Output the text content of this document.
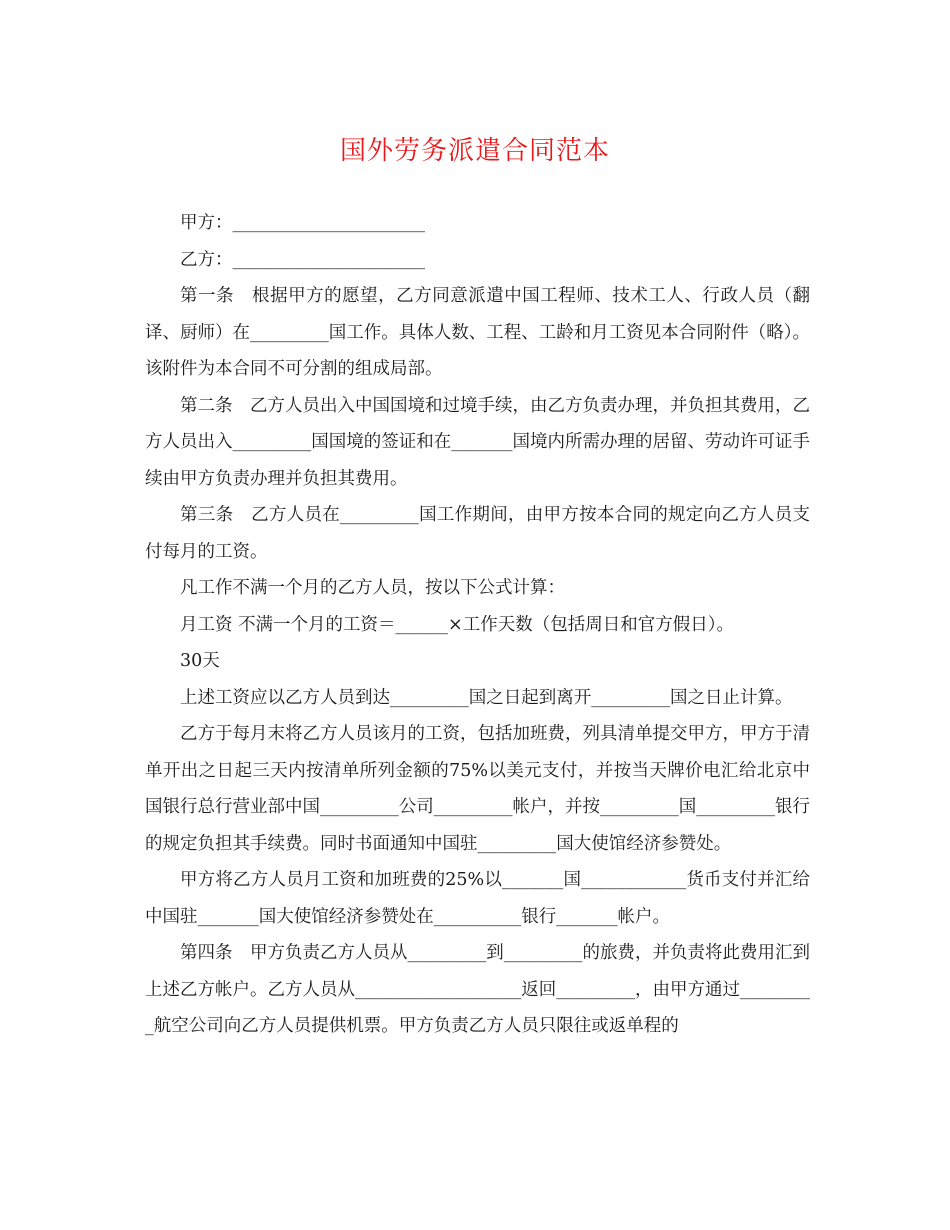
国外劳务派遣合同范本

甲方：______________________

乙方：______________________

第一条　根据甲方的愿望，乙方同意派遣中国工程师、技术工人、行政人员（翻译、厨师）在_________国工作。具体人数、工程、工龄和月工资见本合同附件（略）。该附件为本合同不可分割的组成局部。

第二条　乙方人员出入中国国境和过境手续，由乙方负责办理，并负担其费用，乙方人员出入_________国国境的签证和在_______国境内所需办理的居留、劳动许可证手续由甲方负责办理并负担其费用。

第三条　乙方人员在_________国工作期间，由甲方按本合同的规定向乙方人员支付每月的工资。

凡工作不满一个月的乙方人员，按以下公式计算：

月工资 不满一个月的工资＝______×工作天数（包括周日和官方假日）。

30天

上述工资应以乙方人员到达_________国之日起到离开_________国之日止计算。

乙方于每月末将乙方人员该月的工资，包括加班费，列具清单提交甲方，甲方于清单开出之日起三天内按清单所列金额的75%以美元支付，并按当天牌价电汇给北京中国银行总行营业部中国_________公司_________帐户，并按_________国_________银行的规定负担其手续费。同时书面通知中国驻_________国大使馆经济参赞处。

甲方将乙方人员月工资和加班费的25%以_______国____________货币支付并汇给中国驻_______国大使馆经济参赞处在__________银行_______帐户。

第四条　甲方负责乙方人员从_________到_________的旅费，并负责将此费用汇到上述乙方帐户。乙方人员从___________________返回_________，由甲方通过_________航空公司向乙方人员提供机票。甲方负责乙方人员只限往或返单程的
